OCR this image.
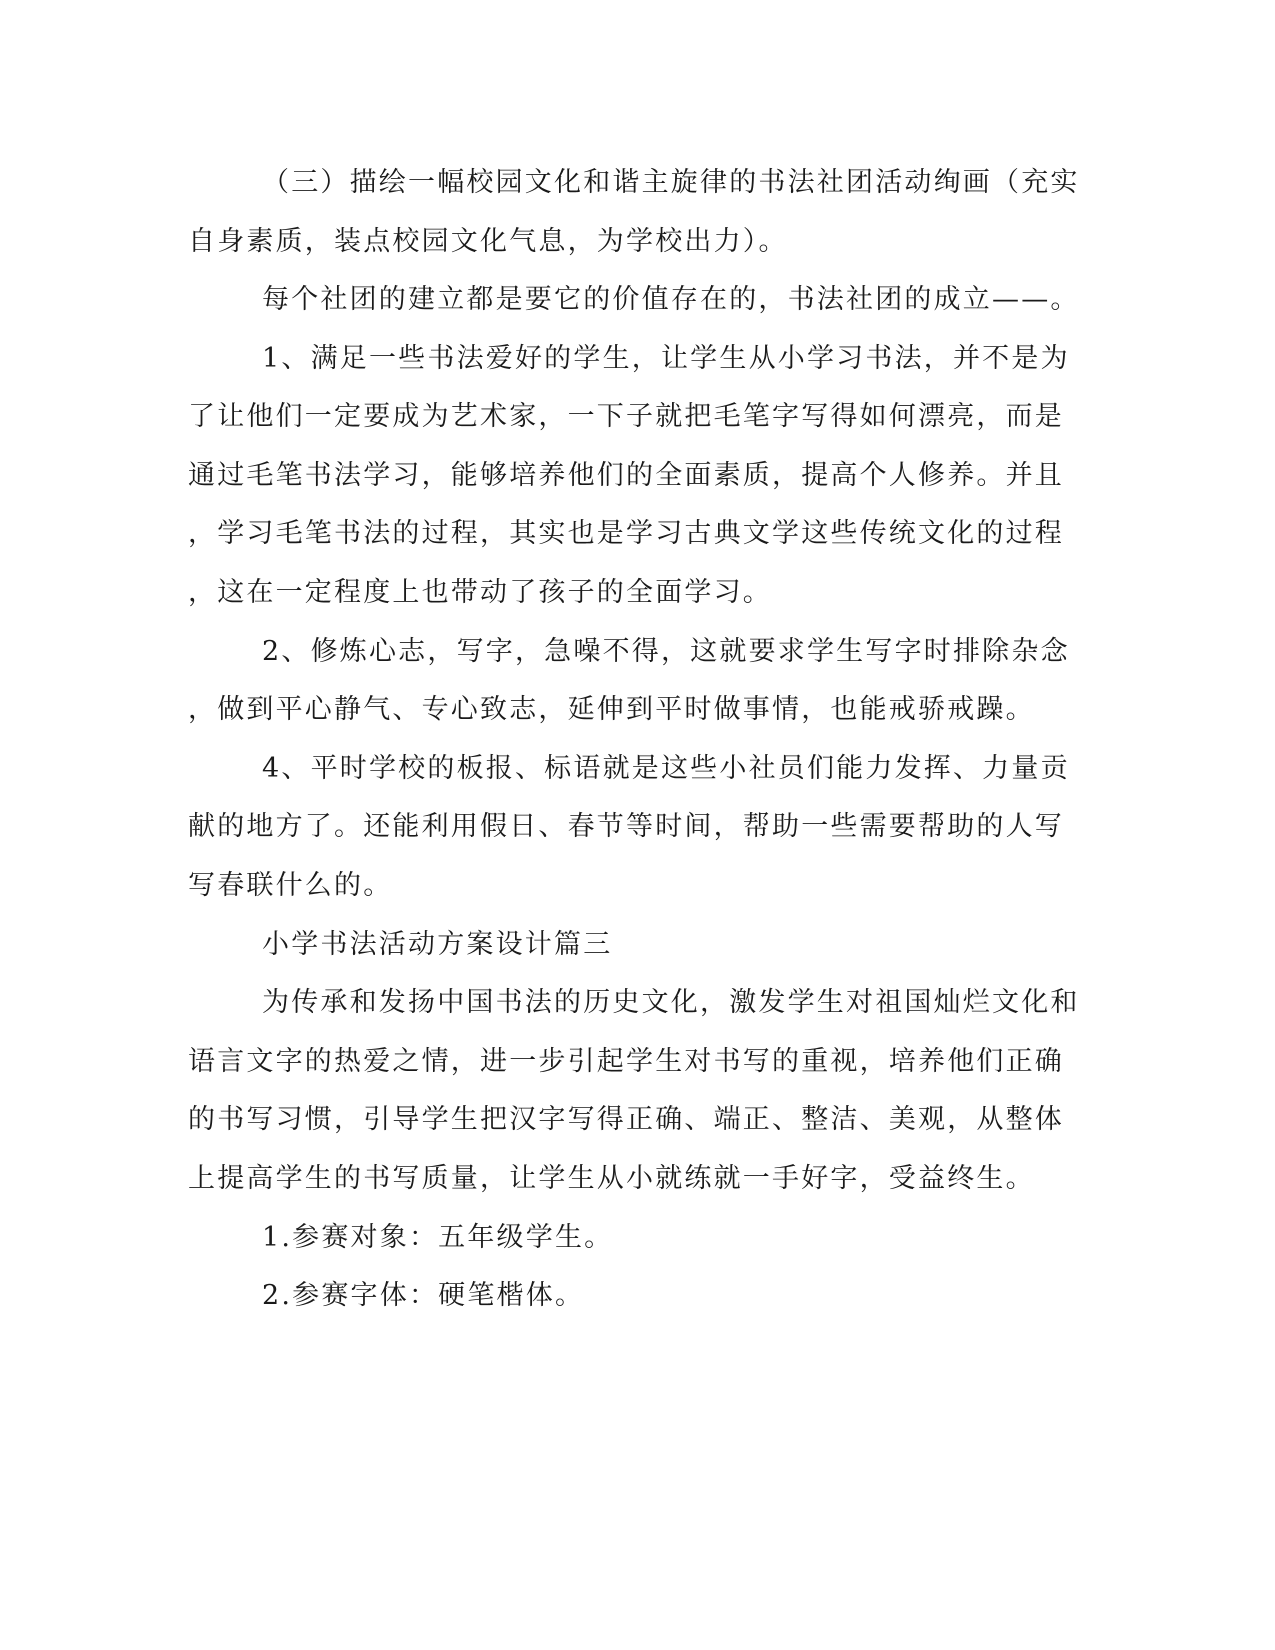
（三）描绘一幅校园文化和谐主旋律的书法社团活动绚画（充实
自身素质，装点校园文化气息，为学校出力）。
每个社团的建立都是要它的价值存在的，书法社团的成立——。
1、满足一些书法爱好的学生，让学生从小学习书法，并不是为
了让他们一定要成为艺术家，一下子就把毛笔字写得如何漂亮，而是
通过毛笔书法学习，能够培养他们的全面素质，提高个人修养。并且
，学习毛笔书法的过程，其实也是学习古典文学这些传统文化的过程
，这在一定程度上也带动了孩子的全面学习。
2、修炼心志，写字，急噪不得，这就要求学生写字时排除杂念
，做到平心静气、专心致志，延伸到平时做事情，也能戒骄戒躁。
4、平时学校的板报、标语就是这些小社员们能力发挥、力量贡
献的地方了。还能利用假日、春节等时间，帮助一些需要帮助的人写
写春联什么的。
小学书法活动方案设计篇三
为传承和发扬中国书法的历史文化，激发学生对祖国灿烂文化和
语言文字的热爱之情，进一步引起学生对书写的重视，培养他们正确
的书写习惯，引导学生把汉字写得正确、端正、整洁、美观，从整体
上提高学生的书写质量，让学生从小就练就一手好字，受益终生。
1.参赛对象：五年级学生。
2.参赛字体：硬笔楷体。
